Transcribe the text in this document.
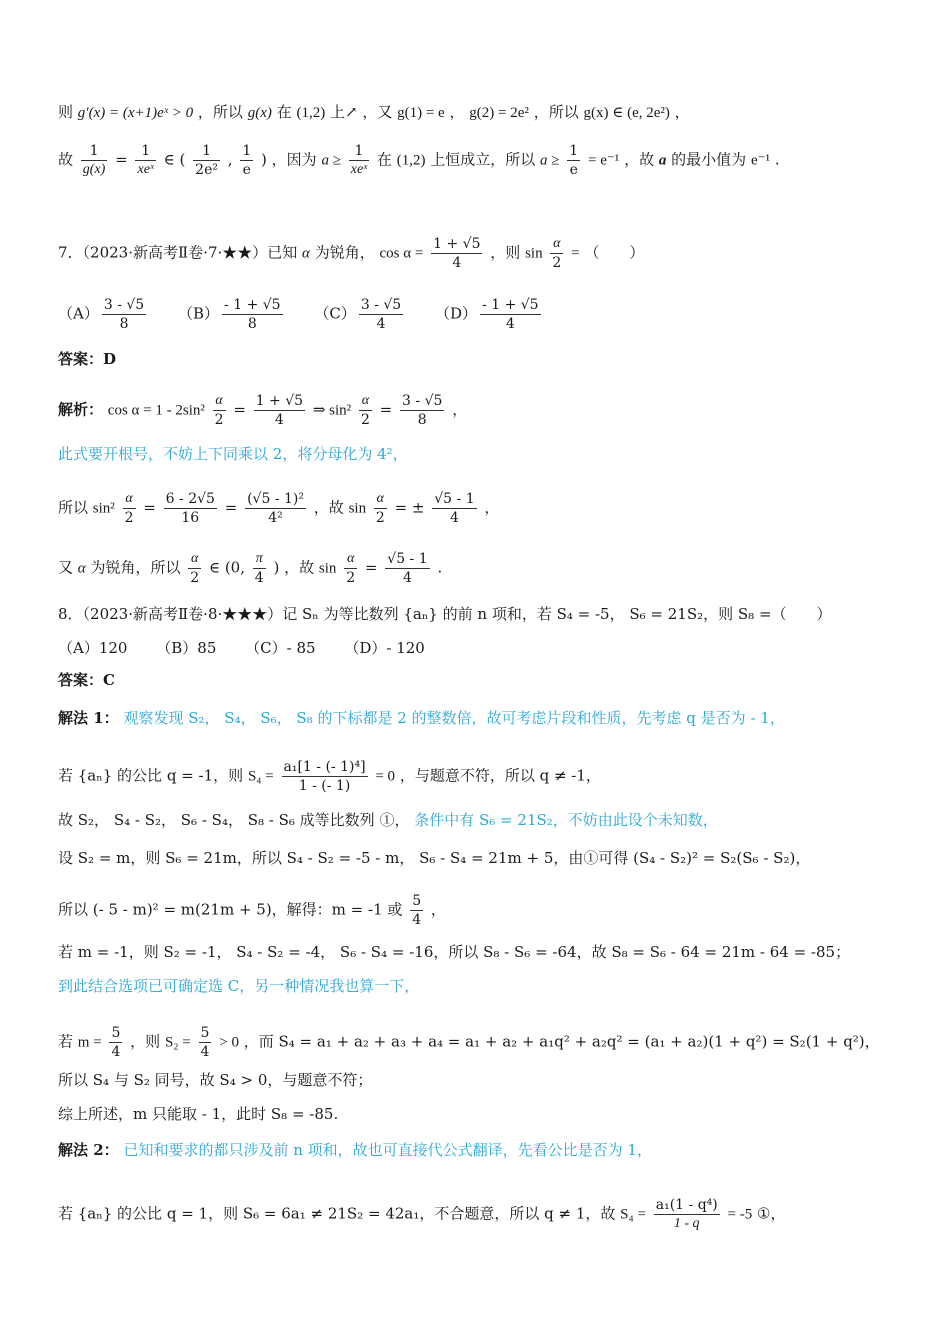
则 g′(x) = (x+1)eˣ > 0 ，所以 g(x) 在 (1,2) 上↗ ，又 g(1) = e ， g(2) = 2e² ，所以 g(x) ∈ (e, 2e²) ，
故 $\frac{1}{g(x)} = \frac{1}{\text{xeˣ}}$ ∈ ( $\frac{1}{\text{2e²}}$ , $\frac{1}{e}$ ) ，因为 $a \ge \frac{1}{\text{xeˣ}}$ 在 (1,2) 上恒成立，所以 $a \ge \frac{1}{e} = e^{-1}$ ，故 a 的最小值为 e⁻¹ .
7．（2023·新高考Ⅱ卷·7·★★）已知 α 为锐角， $\cos \alpha = \frac{1 + √5}{4}$ ，则 $\sin \frac{\alpha}{2}$ = （　　）
$(A) \frac{3 - √5}{8} (B) \frac{- 1 + √5}{8} (C) \frac{3 - √5}{4} (D) \frac{- 1 + √5}{4}$
答案：D
解析： $\cos \alpha = 1 - 2\sin^2 \frac{\alpha}{2} = \frac{1 + √5}{4}$ ⇒ $\sin^2 \frac{\alpha}{2} = \frac{3 - √5}{8}$ ，
此式要开根号，不妨上下同乘以 2，将分母化为 4²，
所以 $\sin^2 \frac{\alpha}{2} = \frac{6 - 2√5}{16} = \frac{\text{(√5 - 1)²}}{\text{4²}}$ ，故 $\sin \frac{\alpha}{2}$ = ± $\frac{√5 - 1}{4}$ ，
又 α 为锐角，所以 $\frac{\alpha}{2}$ ∈ (0, $\frac{\pi}{4}$ ) ，故 $\sin \frac{\alpha}{2} = \frac{√5 - 1}{4}$ .
8．（2023·新高考Ⅱ卷·8·★★★）记 Sₙ 为等比数列 {aₙ} 的前 n 项和，若 S₄ = -5， S₆ = 21S₂，则 S₈ =（　　）
（A）120 （B）85 （C）- 85 （D）- 120
答案：C
解法 1： 观察发现 S₂， S₄， S₆， S₈ 的下标都是 2 的整数倍，故可考虑片段和性质，先考虑 q 是否为 - 1，
若 {aₙ} 的公比 q = -1，则 $S_4 = \frac{\text{a₁[1 - (- 1)⁴]}}{1 - (- 1)} = 0$ ，与题意不符，所以 q ≠ -1，
故 S₂， S₄ - S₂， S₆ - S₄， S₈ - S₆ 成等比数列 ①， 条件中有 S₆ = 21S₂，不妨由此设个未知数，
设 S₂ = m，则 S₆ = 21m，所以 S₄ - S₂ = -5 - m， S₆ - S₄ = 21m + 5，由①可得 (S₄ - S₂)² = S₂(S₆ - S₂)，
所以 (- 5 - m)² = m(21m + 5)，解得：m = -1 或 $\frac{5}{4}$ ，
若 m = -1，则 S₂ = -1， S₄ - S₂ = -4， S₆ - S₄ = -16，所以 S₈ - S₆ = -64，故 S₈ = S₆ - 64 = 21m - 64 = -85；
到此结合选项已可确定选 C，另一种情况我也算一下，
若 $m = \frac{5}{4}$ ，则 $S_2 = \frac{5}{4} > 0$ ，而 S₄ = a₁ + a₂ + a₃ + a₄ = a₁ + a₂ + a₁q² + a₂q² = (a₁ + a₂)(1 + q²) = S₂(1 + q²)，
所以 S₄ 与 S₂ 同号，故 S₄ > 0，与题意不符；
综上所述，m 只能取 - 1，此时 S₈ = -85.
解法 2： 已知和要求的都只涉及前 n 项和，故也可直接代公式翻译，先看公比是否为 1，
若 {aₙ} 的公比 q = 1，则 S₆ = 6a₁ ≠ 21S₂ = 42a₁，不合题意，所以 q ≠ 1，故 $S_4 = \frac{\text{a₁(1 - q⁴)}}{1 - q} = -5$ ①，
